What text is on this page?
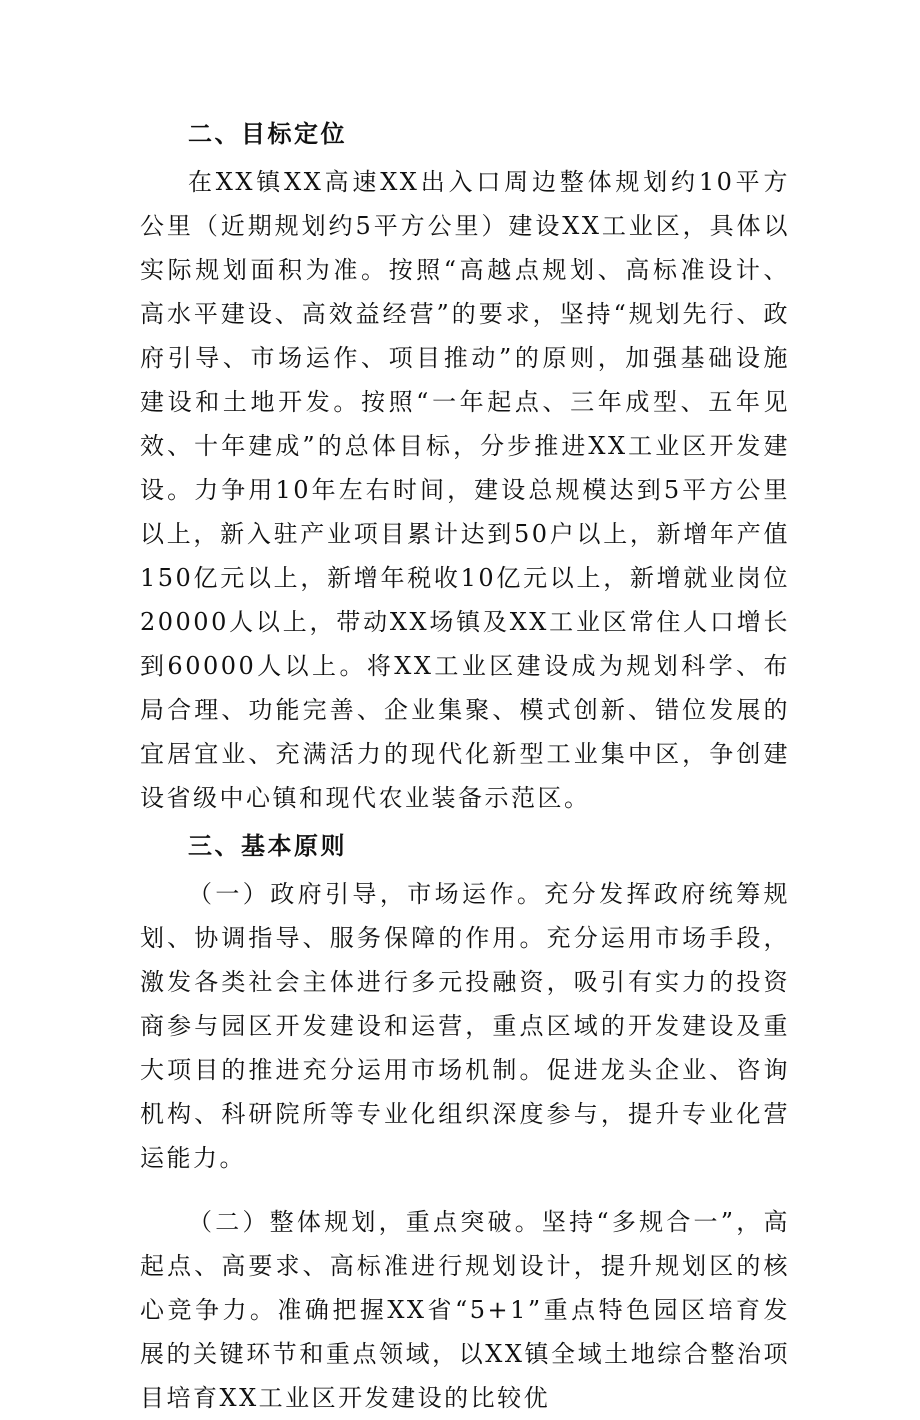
二、目标定位

在XX镇XX高速XX出入口周边整体规划约10平方公里（近期规划约5平方公里）建设XX工业区，具体以实际规划面积为准。按照“高越点规划、高标准设计、高水平建设、高效益经营”的要求，坚持“规划先行、政府引导、市场运作、项目推动”的原则，加强基础设施建设和土地开发。按照“一年起点、三年成型、五年见效、十年建成”的总体目标，分步推进XX工业区开发建设。力争用10年左右时间，建设总规模达到5平方公里以上，新入驻产业项目累计达到50户以上，新增年产值150亿元以上，新增年税收10亿元以上，新增就业岗位20000人以上，带动XX场镇及XX工业区常住人口增长到60000人以上。将XX工业区建设成为规划科学、布局合理、功能完善、企业集聚、模式创新、错位发展的宜居宜业、充满活力的现代化新型工业集中区，争创建设省级中心镇和现代农业装备示范区。

三、基本原则

（一）政府引导，市场运作。充分发挥政府统筹规划、协调指导、服务保障的作用。充分运用市场手段，激发各类社会主体进行多元投融资，吸引有实力的投资商参与园区开发建设和运营，重点区域的开发建设及重大项目的推进充分运用市场机制。促进龙头企业、咨询机构、科研院所等专业化组织深度参与，提升专业化营运能力。

（二）整体规划，重点突破。坚持“多规合一”，高起点、高要求、高标准进行规划设计，提升规划区的核心竞争力。准确把握XX省“5+1”重点特色园区培育发展的关键环节和重点领域，以XX镇全域土地综合整治项目培育XX工业区开发建设的比较优
